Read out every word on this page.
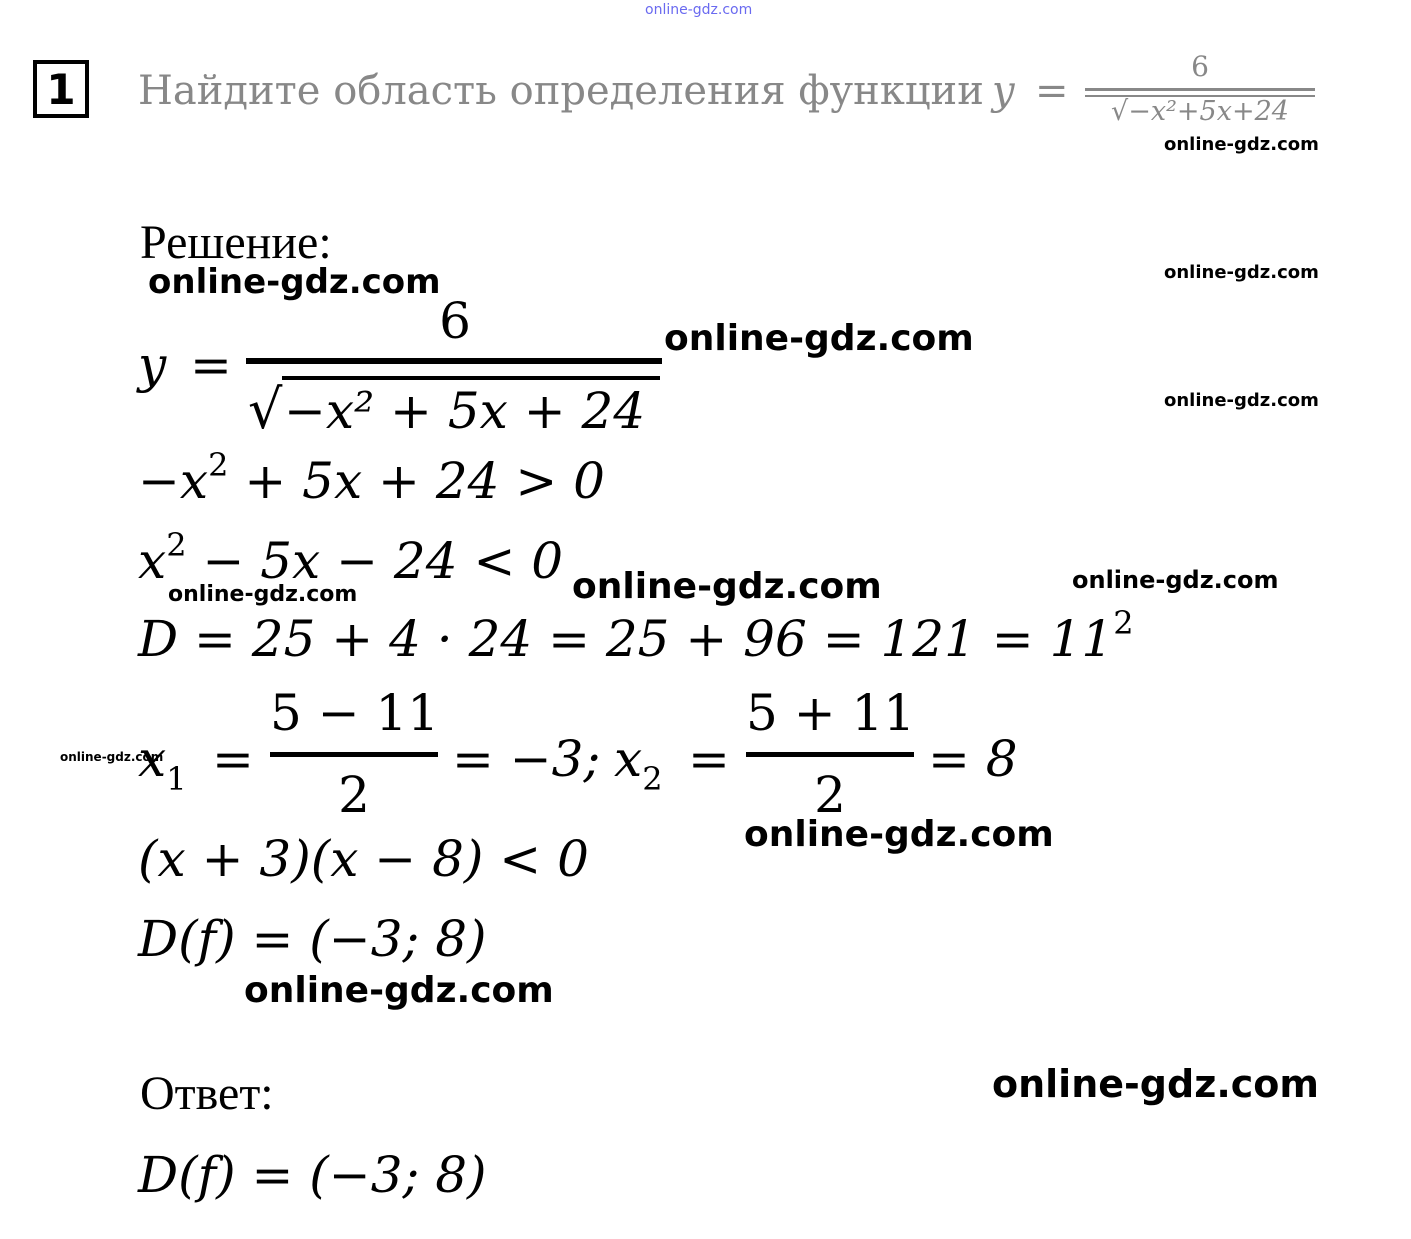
online-gdz.com
1	Найдите область определения функции y =
6
√−x²+5x+24
Решение:
y =
6
√ −x² + 5x + 24
$-x^2 + 5x + 24 > 0$
$x^2 - 5x - 24 < 0$
$D = 25 + 4 \cdot 24 = 25 + 96 = 121 = 11^2$
$x_1$ =
5 − 11
2
= −3; $x_2$ =
5 + 11
2
= 8
(x + 3)(x − 8) < 0
D(f) = (−3; 8)
Ответ:
D(f) = (−3; 8)
online-gdz.com
online-gdz.com	online-gdz.com
online-gdz.com
online-gdz.com
online-gdz.com	online-gdz.com	online-gdz.com
online-gdz.com
online-gdz.com
online-gdz.com
online-gdz.com
